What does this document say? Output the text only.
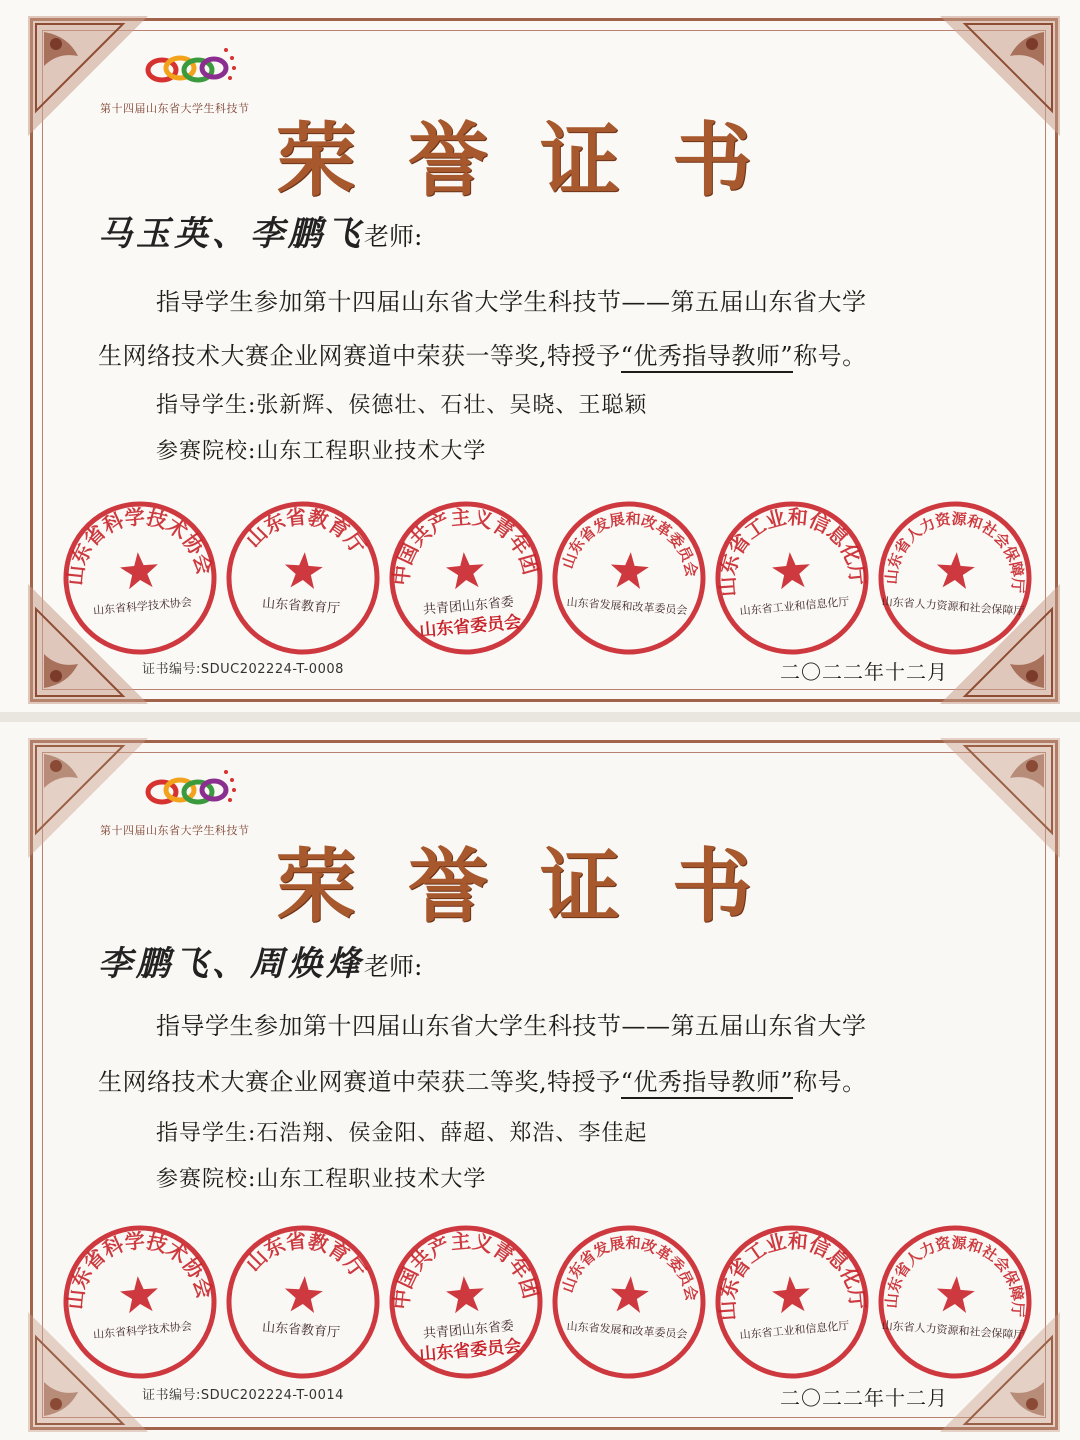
第十四届山东省大学生科技节
荣誉证书
马玉英、李鹏飞老师:
指导学生参加第十四届山东省大学生科技节——第五届山东省大学
生网络技术大赛企业网赛道中荣获一等奖,特授予“优秀指导教师”称号。
指导学生:张新辉、侯德壮、石壮、吴晓、王聪颖
参赛院校:山东工程职业技术大学
山东省科学技术协会
山东省科学技术协会
山东省教育厅
山东省教育厅
中国共产主义青年团
共青团山东省委
山东省委员会
山东省发展和改革委员会
山东省发展和改革委员会
山东省工业和信息化厅
山东省工业和信息化厅
山东省人力资源和社会保障厅
山东省人力资源和社会保障厅
证书编号:SDUC202224-T-0008	二〇二二年十二月
第十四届山东省大学生科技节
荣誉证书
李鹏飞、周焕烽老师:
指导学生参加第十四届山东省大学生科技节——第五届山东省大学
生网络技术大赛企业网赛道中荣获二等奖,特授予“优秀指导教师”称号。
指导学生:石浩翔、侯金阳、薛超、郑浩、李佳起
参赛院校:山东工程职业技术大学
山东省科学技术协会
山东省科学技术协会
山东省教育厅
山东省教育厅
中国共产主义青年团
共青团山东省委
山东省委员会
山东省发展和改革委员会
山东省发展和改革委员会
山东省工业和信息化厅
山东省工业和信息化厅
山东省人力资源和社会保障厅
山东省人力资源和社会保障厅
证书编号:SDUC202224-T-0014	二〇二二年十二月
